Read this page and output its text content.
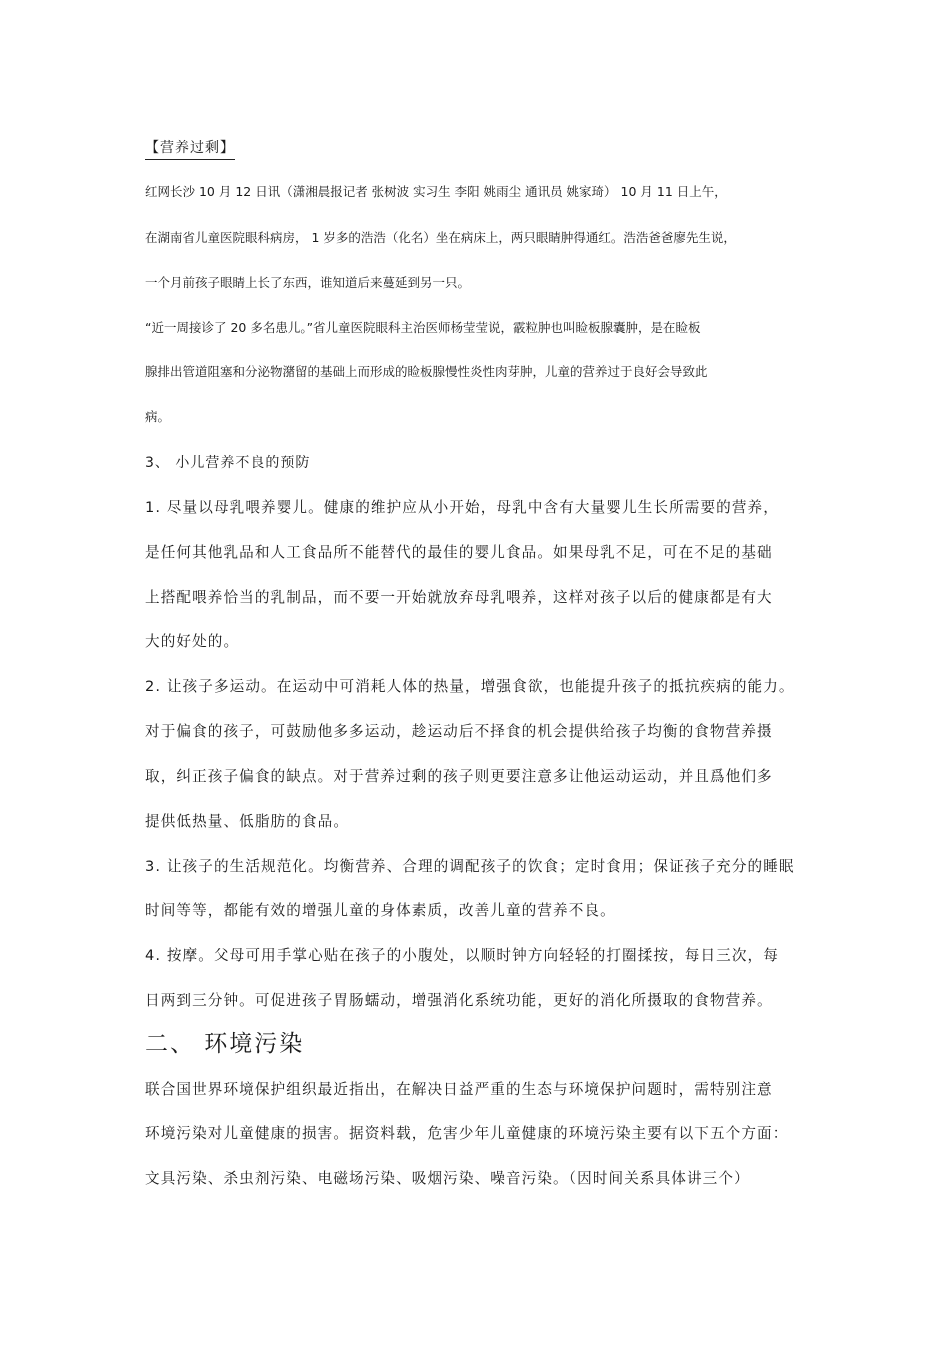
【营养过剩】
红网长沙 10 月 12 日讯（潇湘晨报记者 张树波 实习生 李阳 姚雨尘 通讯员 姚家琦） 10 月 11 日上午，
在湖南省儿童医院眼科病房， 1 岁多的浩浩（化名）坐在病床上，两只眼睛肿得通红。浩浩爸爸廖先生说，
一个月前孩子眼睛上长了东西，谁知道后来蔓延到另一只。
“近一周接诊了 20 多名患儿。”省儿童医院眼科主治医师杨莹莹说，霰粒肿也叫睑板腺囊肿，是在睑板
腺排出管道阻塞和分泌物潴留的基础上而形成的睑板腺慢性炎性肉芽肿，儿童的营养过于良好会导致此
病。
3、 小儿营养不良的预防
1. 尽量以母乳喂养婴儿。健康的维护应从小开始，母乳中含有大量婴儿生长所需要的营养，
是任何其他乳品和人工食品所不能替代的最佳的婴儿食品。如果母乳不足，可在不足的基础
上搭配喂养恰当的乳制品，而不要一开始就放弃母乳喂养，这样对孩子以后的健康都是有大
大的好处的。
2. 让孩子多运动。在运动中可消耗人体的热量，增强食欲，也能提升孩子的抵抗疾病的能力。
对于偏食的孩子，可鼓励他多多运动，趁运动后不择食的机会提供给孩子均衡的食物营养摄
取，纠正孩子偏食的缺点。对于营养过剩的孩子则更要注意多让他运动运动，并且爲他们多
提供低热量、低脂肪的食品。
3. 让孩子的生活规范化。均衡营养、合理的调配孩子的饮食；定时食用；保证孩子充分的睡眠
时间等等，都能有效的增强儿童的身体素质，改善儿童的营养不良。
4. 按摩。父母可用手掌心贴在孩子的小腹处，以顺时钟方向轻轻的打圈揉按，每日三次，每
日两到三分钟。可促进孩子胃肠蠕动，增强消化系统功能，更好的消化所摄取的食物营养。
二、 环境污染
联合国世界环境保护组织最近指出，在解决日益严重的生态与环境保护问题时，需特别注意
环境污染对儿童健康的损害。据资料载，危害少年儿童健康的环境污染主要有以下五个方面：
文具污染、杀虫剂污染、电磁场污染、吸烟污染、噪音污染。（因时间关系具体讲三个）
